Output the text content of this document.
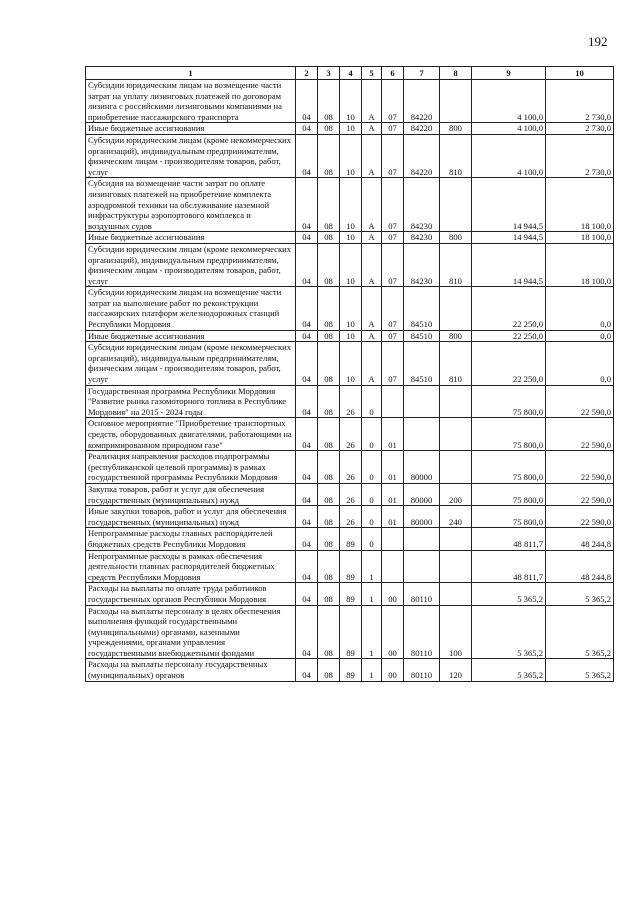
192
1	2	3	4	5	6	7	8	9	10
Субсидии юридическим лицам на возмещение части затрат на уплату лизинговых платежей по договорам лизинга с российскими лизинговыми компаниями на приобретение пассажирского транспорта	04	08	10	А	07	84220		4 100,0	2 730,0
Иные бюджетные ассигнования	04	08	10	А	07	84220	800	4 100,0	2 730,0
Субсидии юридическим лицам (кроме некоммерческих организаций), индивидуальным предпринимателям, физическим лицам - производителям товаров, работ, услуг	04	08	10	А	07	84220	810	4 100,0	2 730,0
Субсидия на возмещение части затрат по оплате лизинговых платежей на приобретение комплекта аэродромной техники на обслуживание наземной инфраструктуры аэропортового комплекса и воздушных судов	04	08	10	А	07	84230		14 944,5	18 100,0
Иные бюджетные ассигнования	04	08	10	А	07	84230	800	14 944,5	18 100,0
Субсидии юридическим лицам (кроме некоммерческих организаций), индивидуальным предпринимателям, физическим лицам - производителям товаров, работ, услуг	04	08	10	А	07	84230	810	14 944,5	18 100,0
Субсидии юридическим лицам на возмещение части затрат на выполнение работ по реконструкции пассажирских платформ железнодорожных станций Республики Мордовия	04	08	10	А	07	84510		22 250,0	0,0
Иные бюджетные ассигнования	04	08	10	А	07	84510	800	22 250,0	0,0
Субсидии юридическим лицам (кроме некоммерческих организаций), индивидуальным предпринимателям, физическим лицам - производителям товаров, работ, услуг	04	08	10	А	07	84510	810	22 250,0	0,0
Государственная программа Республики Мордовия "Развитие рынка газомоторного топлива в Республике Мордовия" на 2015 - 2024 годы	04	08	26	0				75 800,0	22 590,0
Основное мероприятие "Приобретение транспортных средств, оборудованных двигателями, работающими на компримированном природном газе"	04	08	26	0	01			75 800,0	22 590,0
Реализация направления расходов подпрограммы (республиканской целевой программы) в рамках государственной программы Республики Мордовия	04	08	26	0	01	80000		75 800,0	22 590,0
Закупка товаров, работ и услуг для обеспечения государственных (муниципальных) нужд	04	08	26	0	01	80000	200	75 800,0	22 590,0
Иные закупки товаров, работ и услуг для обеспечения государственных (муниципальных) нужд	04	08	26	0	01	80000	240	75 800,0	22 590,0
Непрограммные расходы главных распорядителей бюджетных средств Республики Мордовия	04	08	89	0				48 811,7	48 244,8
Непрограммные расходы в рамках обеспечения деятельности главных распорядителей бюджетных средств Республики Мордовия	04	08	89	1				48 811,7	48 244,8
Расходы на выплаты по оплате труда работников государственных органов Республики Мордовия	04	08	89	1	00	80110		5 365,2	5 365,2
Расходы на выплаты персоналу в целях обеспечения выполнения функций государственными (муниципальными) органами, казенными учреждениями, органами управления государственными внебюджетными фондами	04	08	89	1	00	80110	100	5 365,2	5 365,2
Расходы на выплаты персоналу государственных (муниципальных) органов	04	08	89	1	00	80110	120	5 365,2	5 365,2
